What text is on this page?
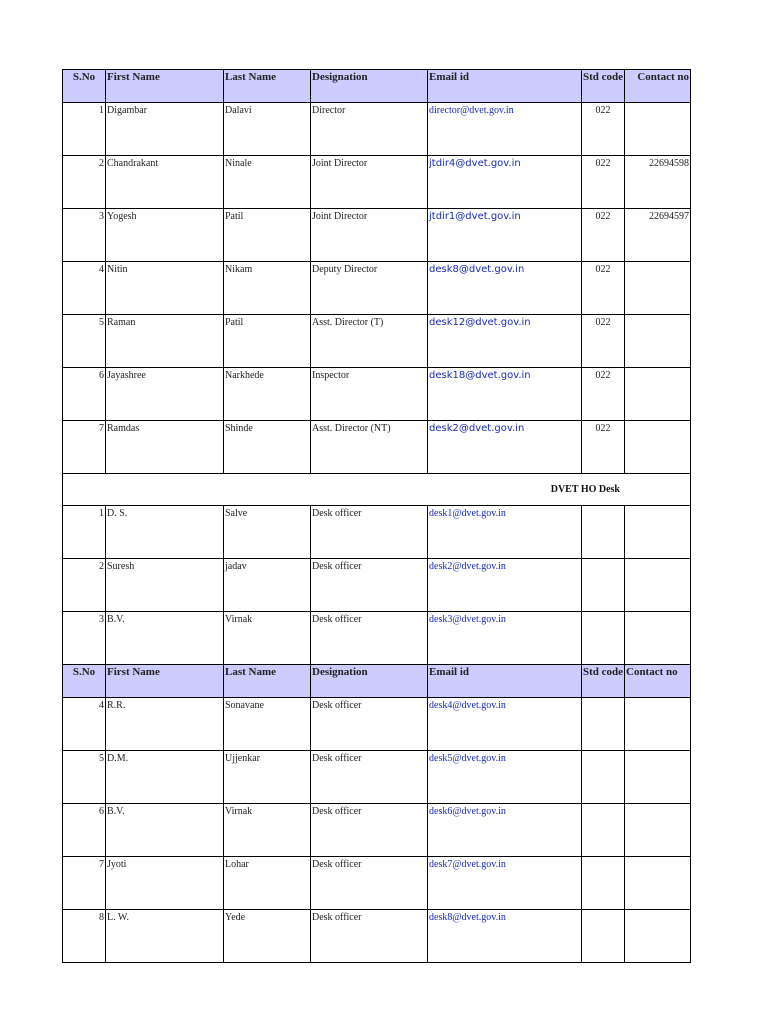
S.No	First Name	Last Name	Designation	Email id	Std code	Contact no
1	Digambar	Dalavi	Director	director@dvet.gov.in	022	
2	Chandrakant	Ninale	Joint Director	jtdir4@dvet.gov.in	022	22694598
3	Yogesh	Patil	Joint Director	jtdir1@dvet.gov.in	022	22694597
4	Nitin	Nikam	Deputy Director	desk8@dvet.gov.in	022	
5	Raman	Patil	Asst. Director (T)	desk12@dvet.gov.in	022	
6	Jayashree	Narkhede	Inspector	desk18@dvet.gov.in	022	
7	Ramdas	Shinde	Asst. Director (NT)	desk2@dvet.gov.in	022	
DVET HO Desk						
1	D. S.	Salve	Desk officer	desk1@dvet.gov.in		
2	Suresh	jadav	Desk officer	desk2@dvet.gov.in		
3	B.V.	Virnak	Desk officer	desk3@dvet.gov.in		
S.No	First Name	Last Name	Designation	Email id	Std code	Contact no
4	R.R.	Sonavane	Desk officer	desk4@dvet.gov.in		
5	D.M.	Ujjenkar	Desk officer	desk5@dvet.gov.in		
6	B.V.	Virnak	Desk officer	desk6@dvet.gov.in		
7	Jyoti	Lohar	Desk officer	desk7@dvet.gov.in		
8	L. W.	Yede	Desk officer	desk8@dvet.gov.in		
